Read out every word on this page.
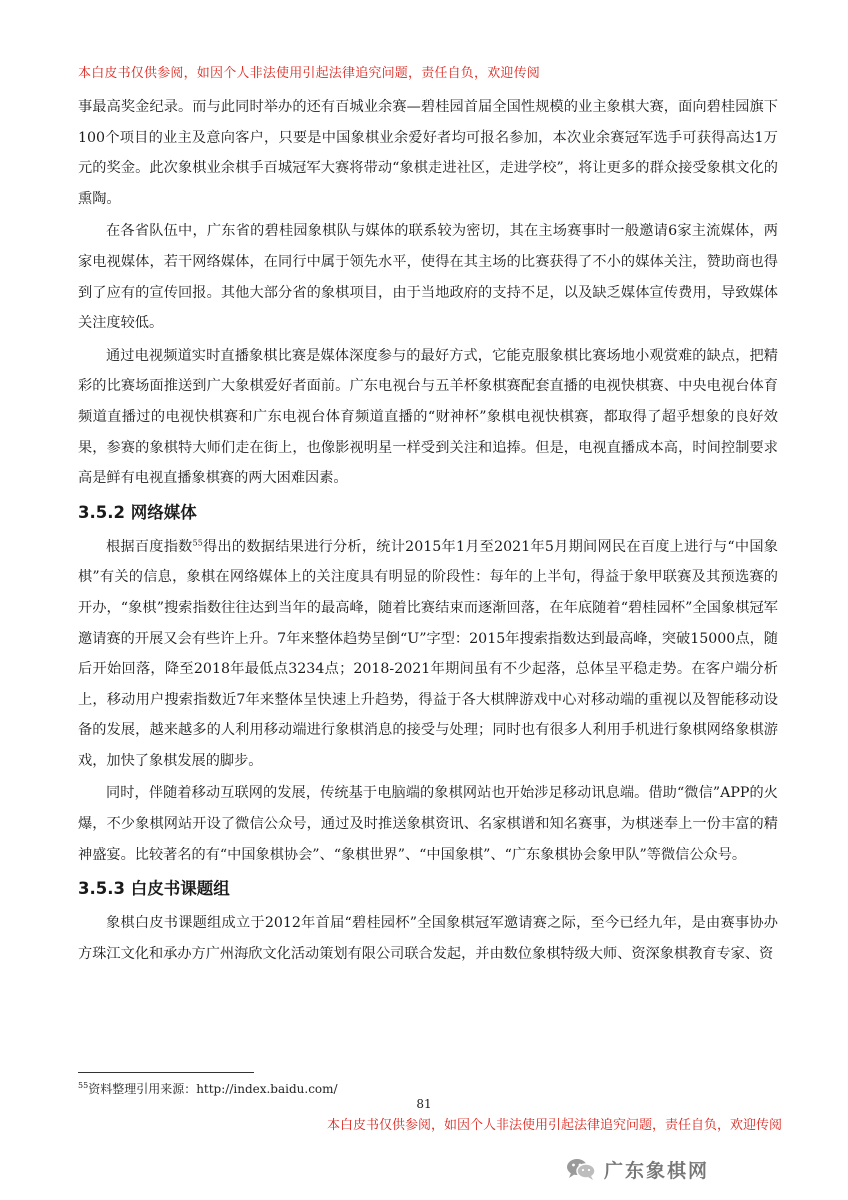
本白皮书仅供参阅，如因个人非法使用引起法律追究问题，责任自负，欢迎传阅

事最高奖金纪录。而与此同时举办的还有百城业余赛—碧桂园首届全国性规模的业主象棋大赛，面向碧桂园旗下100个项目的业主及意向客户，只要是中国象棋业余爱好者均可报名参加，本次业余赛冠军选手可获得高达1万元的奖金。此次象棋业余棋手百城冠军大赛将带动“象棋走进社区，走进学校”，将让更多的群众接受象棋文化的熏陶。

在各省队伍中，广东省的碧桂园象棋队与媒体的联系较为密切，其在主场赛事时一般邀请6家主流媒体，两家电视媒体，若干网络媒体，在同行中属于领先水平，使得在其主场的比赛获得了不小的媒体关注，赞助商也得到了应有的宣传回报。其他大部分省的象棋项目，由于当地政府的支持不足，以及缺乏媒体宣传费用，导致媒体关注度较低。

通过电视频道实时直播象棋比赛是媒体深度参与的最好方式，它能克服象棋比赛场地小观赏难的缺点，把精彩的比赛场面推送到广大象棋爱好者面前。广东电视台与五羊杯象棋赛配套直播的电视快棋赛、中央电视台体育频道直播过的电视快棋赛和广东电视台体育频道直播的“财神杯”象棋电视快棋赛，都取得了超乎想象的良好效果，参赛的象棋特大师们走在街上，也像影视明星一样受到关注和追捧。但是，电视直播成本高，时间控制要求高是鲜有电视直播象棋赛的两大困难因素。

3.5.2 网络媒体

根据百度指数$^{55}$得出的数据结果进行分析，统计2015年1月至2021年5月期间网民在百度上进行与“中国象棋”有关的信息，象棋在网络媒体上的关注度具有明显的阶段性：每年的上半旬，得益于象甲联赛及其预选赛的开办，“象棋”搜索指数往往达到当年的最高峰，随着比赛结束而逐渐回落，在年底随着“碧桂园杯”全国象棋冠军邀请赛的开展又会有些许上升。7年来整体趋势呈倒“U”字型：2015年搜索指数达到最高峰，突破15000点，随后开始回落，降至2018年最低点3234点；2018-2021年期间虽有不少起落，总体呈平稳走势。在客户端分析上，移动用户搜索指数近7年来整体呈快速上升趋势，得益于各大棋牌游戏中心对移动端的重视以及智能移动设备的发展，越来越多的人利用移动端进行象棋消息的接受与处理；同时也有很多人利用手机进行象棋网络象棋游戏，加快了象棋发展的脚步。

同时，伴随着移动互联网的发展，传统基于电脑端的象棋网站也开始涉足移动讯息端。借助“微信”APP的火爆，不少象棋网站开设了微信公众号，通过及时推送象棋资讯、名家棋谱和知名赛事，为棋迷奉上一份丰富的精神盛宴。比较著名的有“中国象棋协会”、“象棋世界”、“中国象棋”、“广东象棋协会象甲队”等微信公众号。

3.5.3 白皮书课题组

象棋白皮书课题组成立于2012年首届“碧桂园杯”全国象棋冠军邀请赛之际，至今已经九年，是由赛事协办方珠江文化和承办方广州海欣文化活动策划有限公司联合发起，并由数位象棋特级大师、资深象棋教育专家、资

$^{55}$资料整理引用来源：http://index.baidu.com/
81
本白皮书仅供参阅，如因个人非法使用引起法律追究问题，责任自负，欢迎传阅
广东象棋网
